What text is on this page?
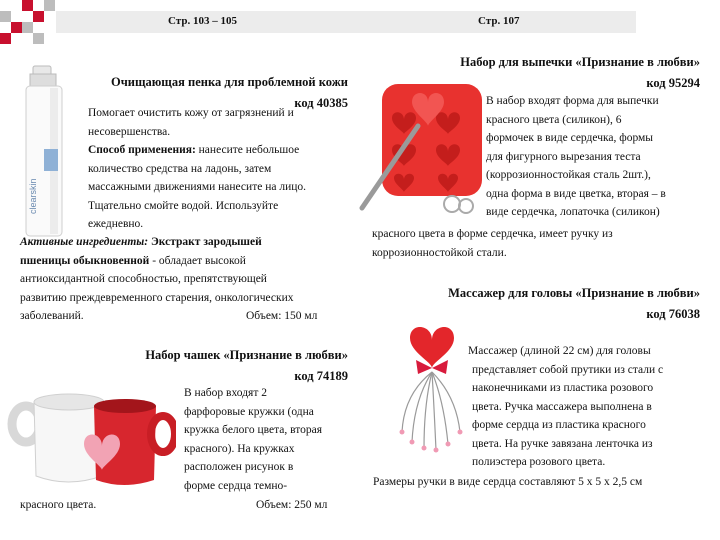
Стр. 103 – 105	Стр. 107
clearskin
Очищающая пенка для проблемной кожи
код 40385
Помогает очистить кожу от загрязнений и
несовершенства.
Способ применения: нанесите небольшое
количество средства на ладонь, затем
массажными движениями нанесите на лицо.
Тщательно смойте водой. Используйте
ежедневно.
Активные ингредиенты: Экстракт зародышей
пшеницы обыкновенной - обладает высокой
антиоксидантной способностью, препятствующей
развитию преждевременного старения, онкологических
заболеваний.	Объем: 150 мл
Набор чашек «Признание в любви»
код 74189
В набор входят 2
фарфоровые кружки (одна
кружка белого цвета, вторая
красного). На кружках
расположен рисунок в
форме сердца темно-
красного цвета.	Объем: 250 мл
Набор для выпечки «Признание в любви»
код 95294
В набор входят форма для выпечки
красного цвета (силикон), 6
формочек в виде сердечка, формы
для фигурного вырезания теста
(коррозионностойкая сталь 2шт.),
одна форма в виде цветка, вторая – в
виде сердечка, лопаточка (силикон)
красного цвета в форме сердечка, имеет ручку из
коррозионностойкой стали.
Массажер для головы «Признание в любви»
код 76038
Массажер (длиной 22 см) для головы
представляет собой прутики из стали с
наконечниками из пластика розового
цвета. Ручка массажера выполнена в
форме сердца из пластика красного
цвета. На ручке завязана ленточка из
полиэстера розового цвета.
Размеры ручки в виде сердца составляют 5 х 5 х 2,5 см
